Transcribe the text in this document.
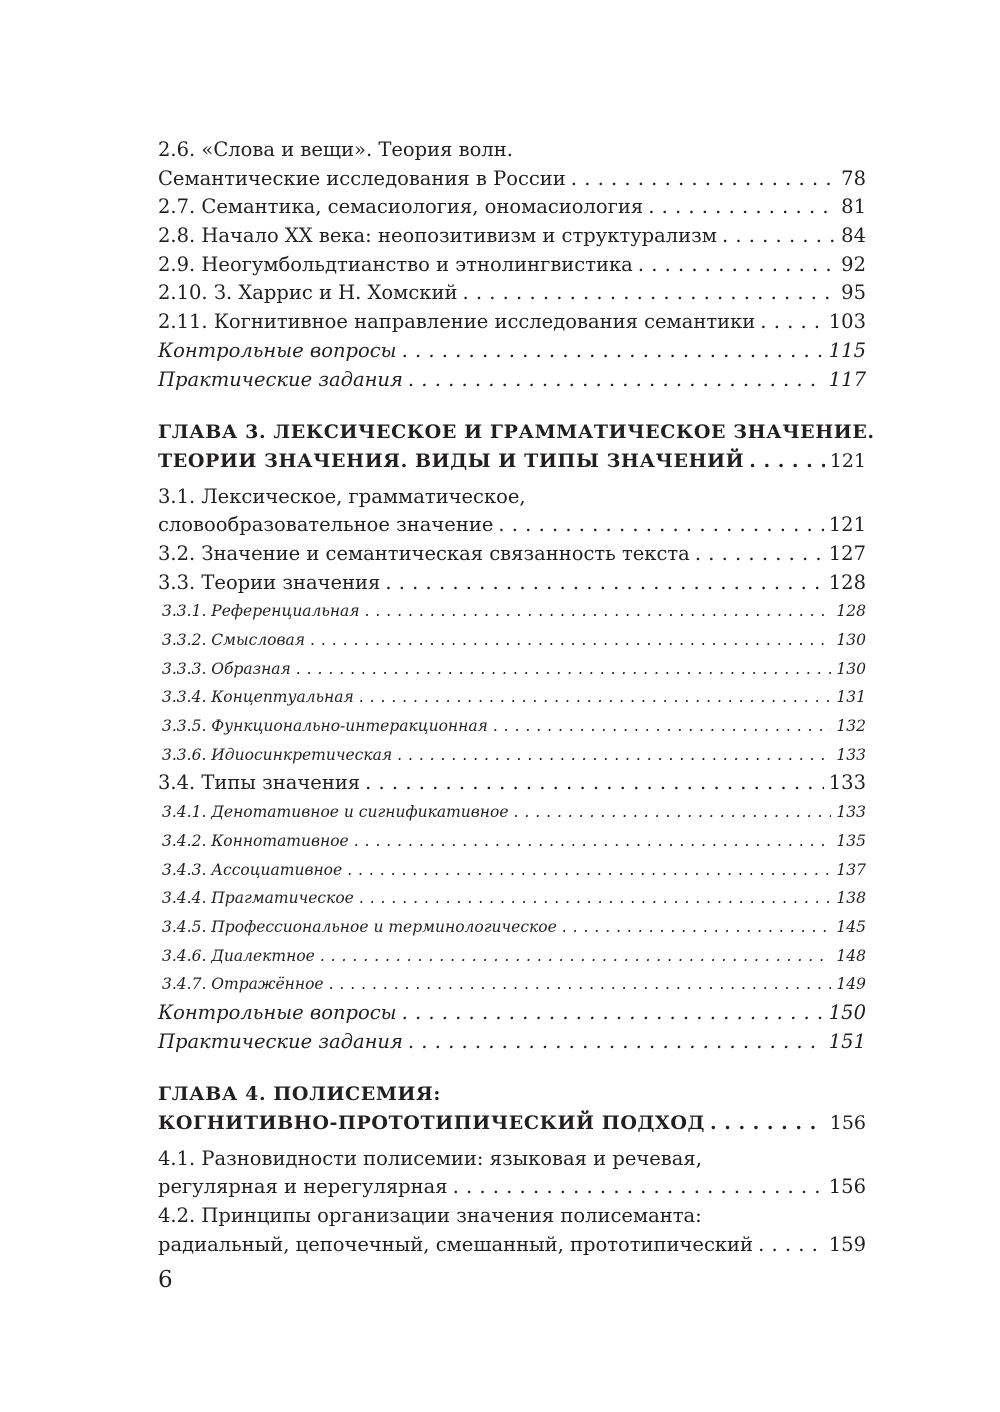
2.6. «Слова и вещи». Теория волн.
Семантические исследования в России . . .	78
2.7. Семантика, семасиология, ономасиология . . .	81
2.8. Начало XX века: неопозитивизм и структурализм . . .	84
2.9. Неогумбольдтианство и этнолингвистика . . .	92
2.10. З. Харрис и Н. Хомский . . .	95
2.11. Когнитивное направление исследования семантики . . .	103
Контрольные вопросы . . .	115
Практические задания . . .	117
ГЛАВА 3. ЛЕКСИЧЕСКОЕ И ГРАММАТИЧЕСКОЕ ЗНАЧЕНИЕ.
ТЕОРИИ ЗНАЧЕНИЯ. ВИДЫ И ТИПЫ ЗНАЧЕНИЙ . . .	121
3.1. Лексическое, грамматическое,
словообразовательное значение . . .	121
3.2. Значение и семантическая связанность текста . . .	127
3.3. Теории значения . . .	128
3.3.1. Референциальная . . .	128
3.3.2. Смысловая . . .	130
3.3.3. Образная . . .	130
3.3.4. Концептуальная . . .	131
3.3.5. Функционально-интеракционная . . .	132
3.3.6. Идиосинкретическая . . .	133
3.4. Типы значения . . .	133
3.4.1. Денотативное и сигнификативное . . .	133
3.4.2. Коннотативное . . .	135
3.4.3. Ассоциативное . . .	137
3.4.4. Прагматическое . . .	138
3.4.5. Профессиональное и терминологическое . . .	145
3.4.6. Диалектное . . .	148
3.4.7. Отражённое . . .	149
Контрольные вопросы . . .	150
Практические задания . . .	151
ГЛАВА 4. ПОЛИСЕМИЯ:
КОГНИТИВНО-ПРОТОТИПИЧЕСКИЙ ПОДХОД . . .	156
4.1. Разновидности полисемии: языковая и речевая,
регулярная и нерегулярная . . .	156
4.2. Принципы организации значения полисеманта:
радиальный, цепочечный, смешанный, прототипический . . .	159
6
